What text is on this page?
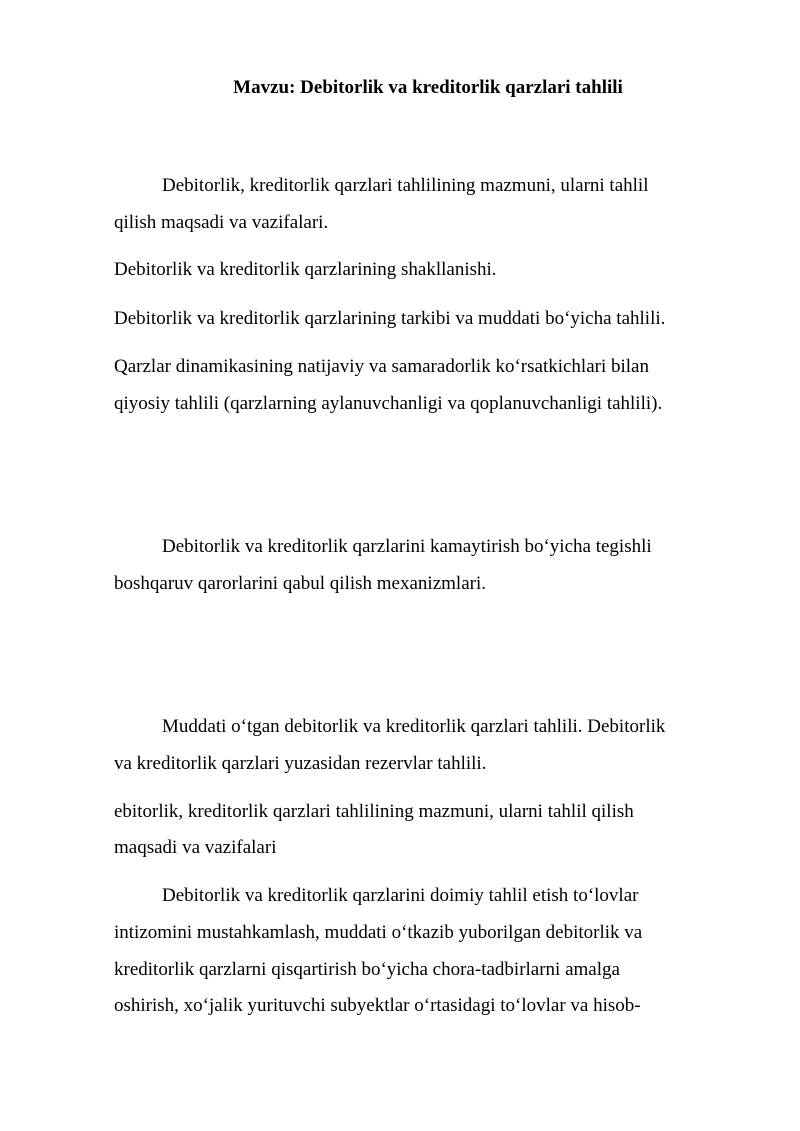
Mavzu: Debitorlik va kreditorlik qarzlari tahlili
Debitorlik, kreditorlik qarzlari tahlilining mazmuni, ularni tahlil
qilish maqsadi va vazifalari.
Debitorlik va kreditorlik qarzlarining shakllanishi.
Debitorlik va kreditorlik qarzlarining tarkibi va muddati bo‘yicha tahlili.
Qarzlar dinamikasining natijaviy va samaradorlik ko‘rsatkichlari bilan
qiyosiy tahlili (qarzlarning aylanuvchanligi va qoplanuvchanligi tahlili).
Debitorlik va kreditorlik qarzlarini kamaytirish bo‘yicha tegishli
boshqaruv qarorlarini qabul qilish mexanizmlari.
Muddati o‘tgan debitorlik va kreditorlik qarzlari tahlili. Debitorlik
va kreditorlik qarzlari yuzasidan rezervlar tahlili.
ebitorlik, kreditorlik qarzlari tahlilining mazmuni, ularni tahlil qilish
maqsadi va vazifalari
Debitorlik va kreditorlik qarzlarini doimiy tahlil etish to‘lovlar
intizomini mustahkamlash, muddati o‘tkazib yuborilgan debitorlik va
kreditorlik qarzlarni qisqartirish bo‘yicha chora-tadbirlarni amalga
oshirish, xo‘jalik yurituvchi subyektlar o‘rtasidagi to‘lovlar va hisob-
